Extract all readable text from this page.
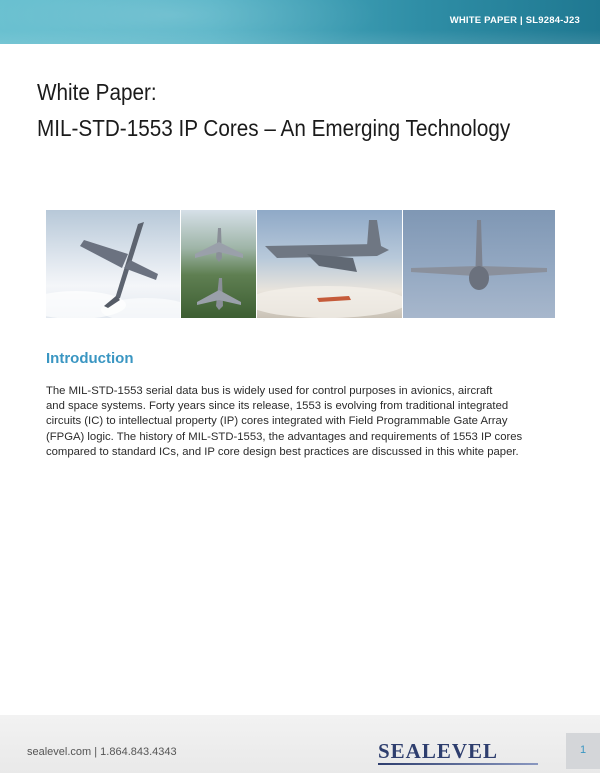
WHITE PAPER | SL9284-J23
White Paper:
MIL-STD-1553 IP Cores – An Emerging Technology
Introduction

The MIL-STD-1553 serial data bus is widely used for control purposes in avionics, aircraft
and space systems. Forty years since its release, 1553 is evolving from traditional integrated
circuits (IC) to intellectual property (IP) cores integrated with Field Programmable Gate Array
(FPGA) logic. The history of MIL-STD-1553, the advantages and requirements of 1553 IP cores
compared to standard ICs, and IP core design best practices are discussed in this white paper.

sealevel.com | 1.864.843.4343	SEALEVEL	1
